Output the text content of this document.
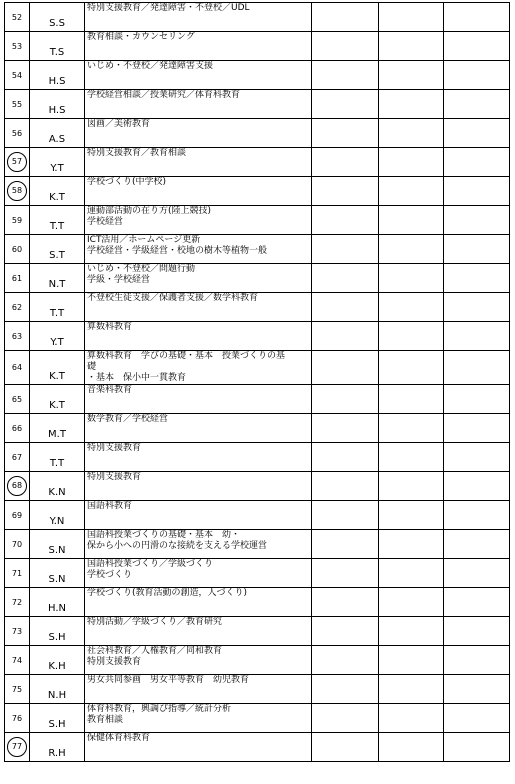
52	S.S	特別支援教育／発達障害・不登校／UDL			

53	T.S	教育相談・カウンセリング			

54	H.S	いじめ・不登校／発達障害支援			

55	H.S	学校経営相談／授業研究／体育科教育			

56	A.S	図画／美術教育			

57	Y.T	特別支援教育／教育相談			

58	K.T	学校づくり(中学校)			

59	T.T	運動部活動の在り方(陸上競技)
学校経営			

60	S.T	ICT活用／ホームページ更新
学校経営・学級経営・校地の樹木等植物一般			

61	N.T	いじめ・不登校／問題行動
学級・学校経営			

62	T.T	不登校生徒支援／保護者支援／数学科教育			

63	Y.T	算数科教育			

64	K.T	算数科教育　学びの基礎・基本　授業づくりの基
礎
・基本　保小中一貫教育			

65	K.T	音楽科教育			

66	M.T	数学教育／学校経営			

67	T.T	特別支援教育			

68	K.N	特別支援教育			

69	Y.N	国語科教育			

70	S.N	国語科授業づくりの基礎・基本　幼・
保から小への円滑のな接続を支える学校運営			

71	S.N	国語科授業づくり／学級づくり
学校づくり			

72	H.N	学校づくり(教育活動の創造，人づくり)			

73	S.H	特別活動／学級づくり／教育研究			

74	K.H	社会科教育／人権教育／同和教育
特別支援教育			

75	N.H	男女共同参画　男女平等教育　幼児教育			

76	S.H	体育科教育，興調ぴ指導／統計分析
教育相談			

77	R.H	保健体育科教育			
